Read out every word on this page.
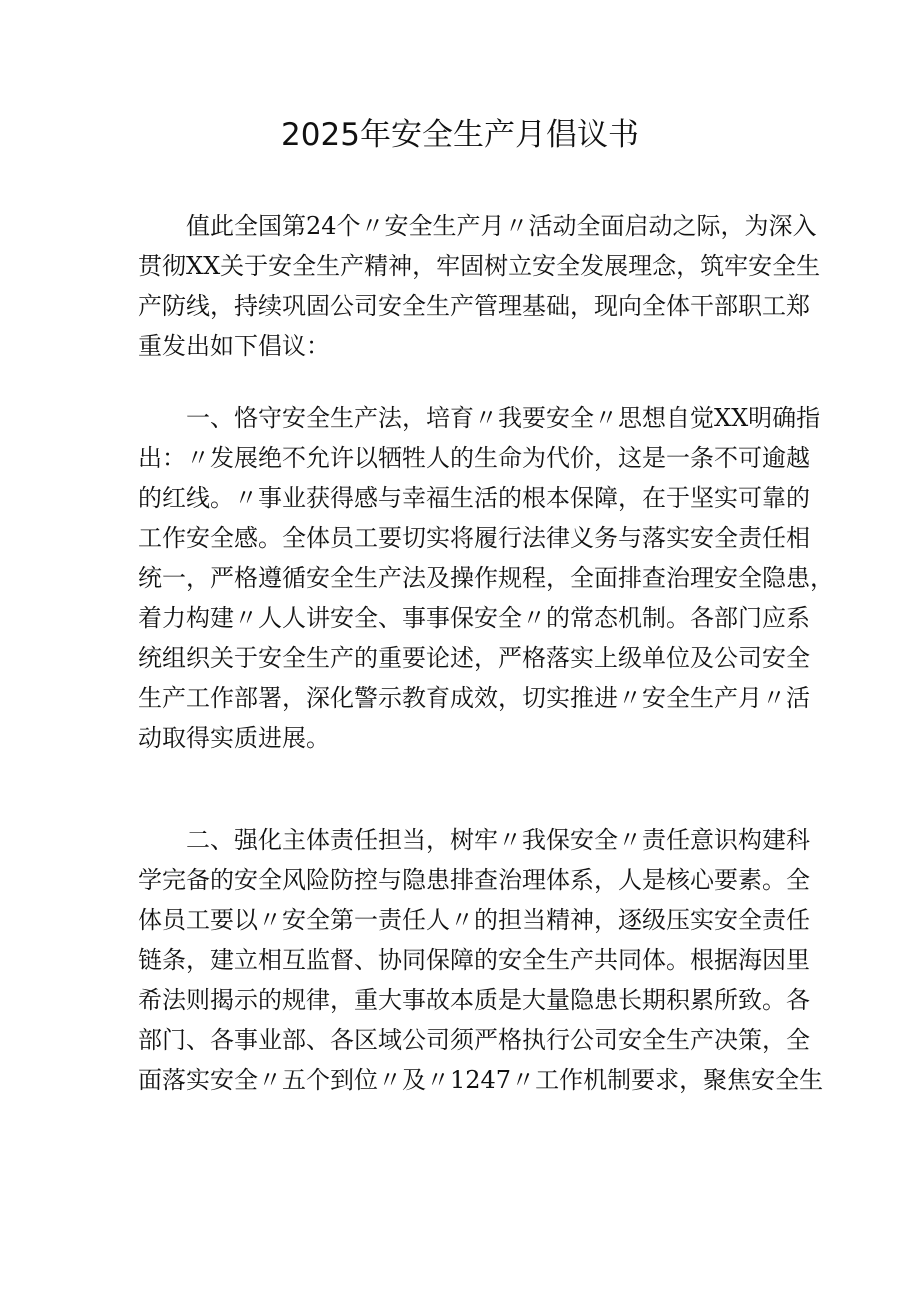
2025年安全生产月倡议书
值此全国第24个〃安全生产月〃活动全面启动之际，为深入
贯彻XX关于安全生产精神，牢固树立安全发展理念，筑牢安全生
产防线，持续巩固公司安全生产管理基础，现向全体干部职工郑
重发出如下倡议：
一、恪守安全生产法，培育〃我要安全〃思想自觉XX明确指
出：〃发展绝不允许以牺牲人的生命为代价，这是一条不可逾越
的红线。〃事业获得感与幸福生活的根本保障，在于坚实可靠的
工作安全感。全体员工要切实将履行法律义务与落实安全责任相
统一，严格遵循安全生产法及操作规程，全面排查治理安全隐患，
着力构建〃人人讲安全、事事保安全〃的常态机制。各部门应系
统组织关于安全生产的重要论述，严格落实上级单位及公司安全
生产工作部署，深化警示教育成效，切实推进〃安全生产月〃活
动取得实质进展。
二、强化主体责任担当，树牢〃我保安全〃责任意识构建科
学完备的安全风险防控与隐患排查治理体系，人是核心要素。全
体员工要以〃安全第一责任人〃的担当精神，逐级压实安全责任
链条，建立相互监督、协同保障的安全生产共同体。根据海因里
希法则揭示的规律，重大事故本质是大量隐患长期积累所致。各
部门、各事业部、各区域公司须严格执行公司安全生产决策，全
面落实安全〃五个到位〃及〃1247〃工作机制要求，聚焦安全生
